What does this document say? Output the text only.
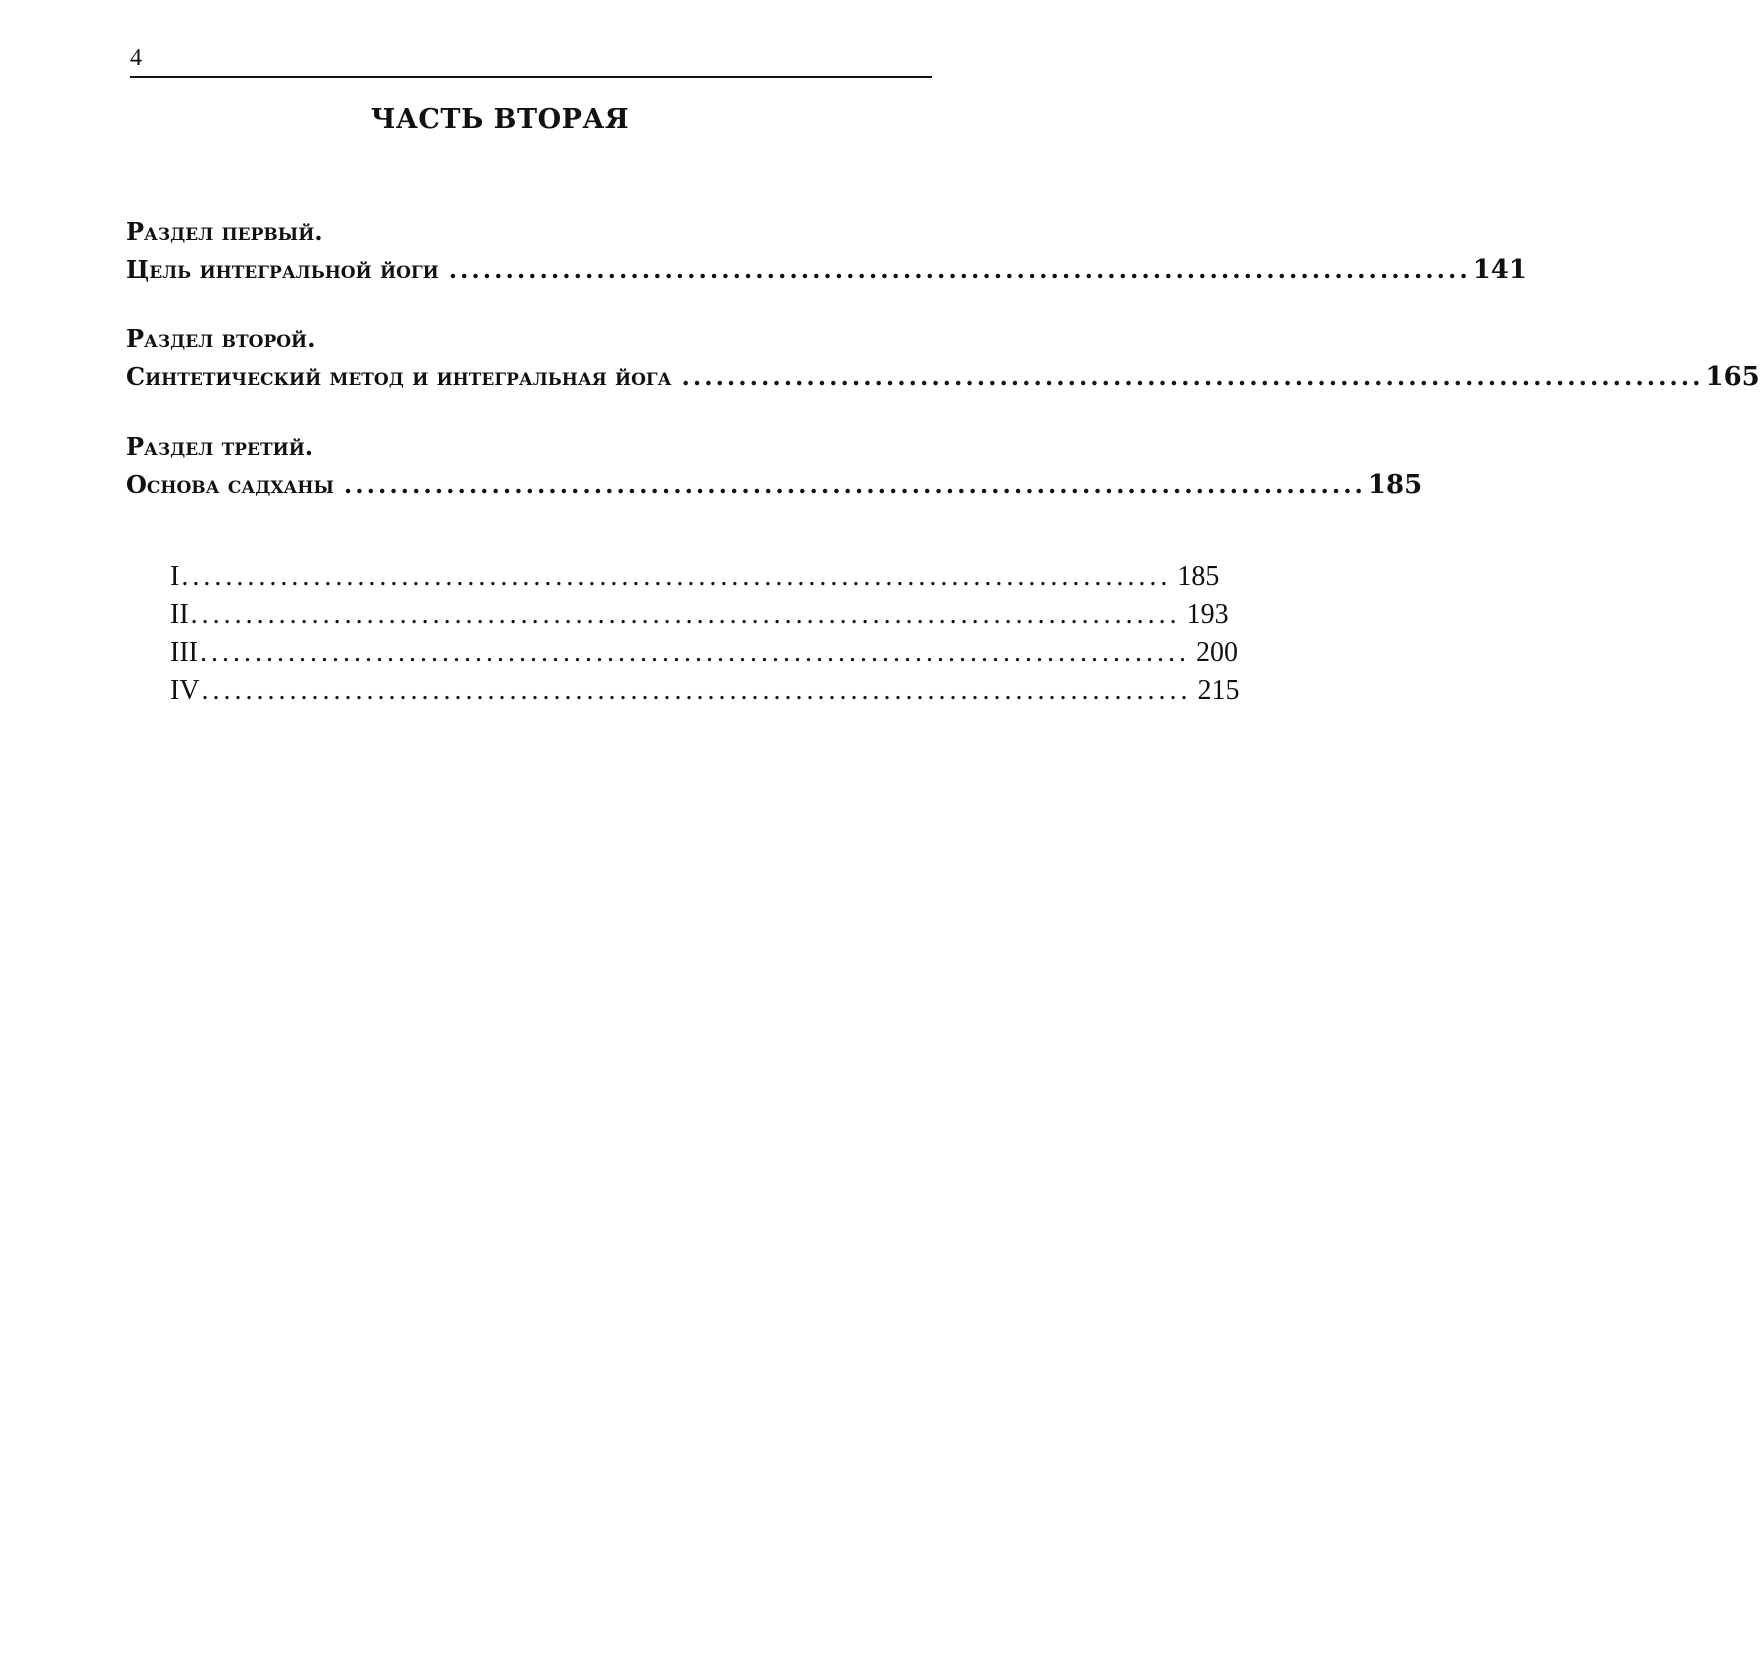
4
ЧАСТЬ ВТОРАЯ
Раздел первый.
Цель интегральной йоги .......................................................................................... 141
Раздел второй.
Синтетический метод и интегральная йога .......................................................................................... 165
Раздел третий.
Основа садханы .......................................................................................... 185
I .......................................................................................... 185
II .......................................................................................... 193
III .......................................................................................... 200
IV .......................................................................................... 215
